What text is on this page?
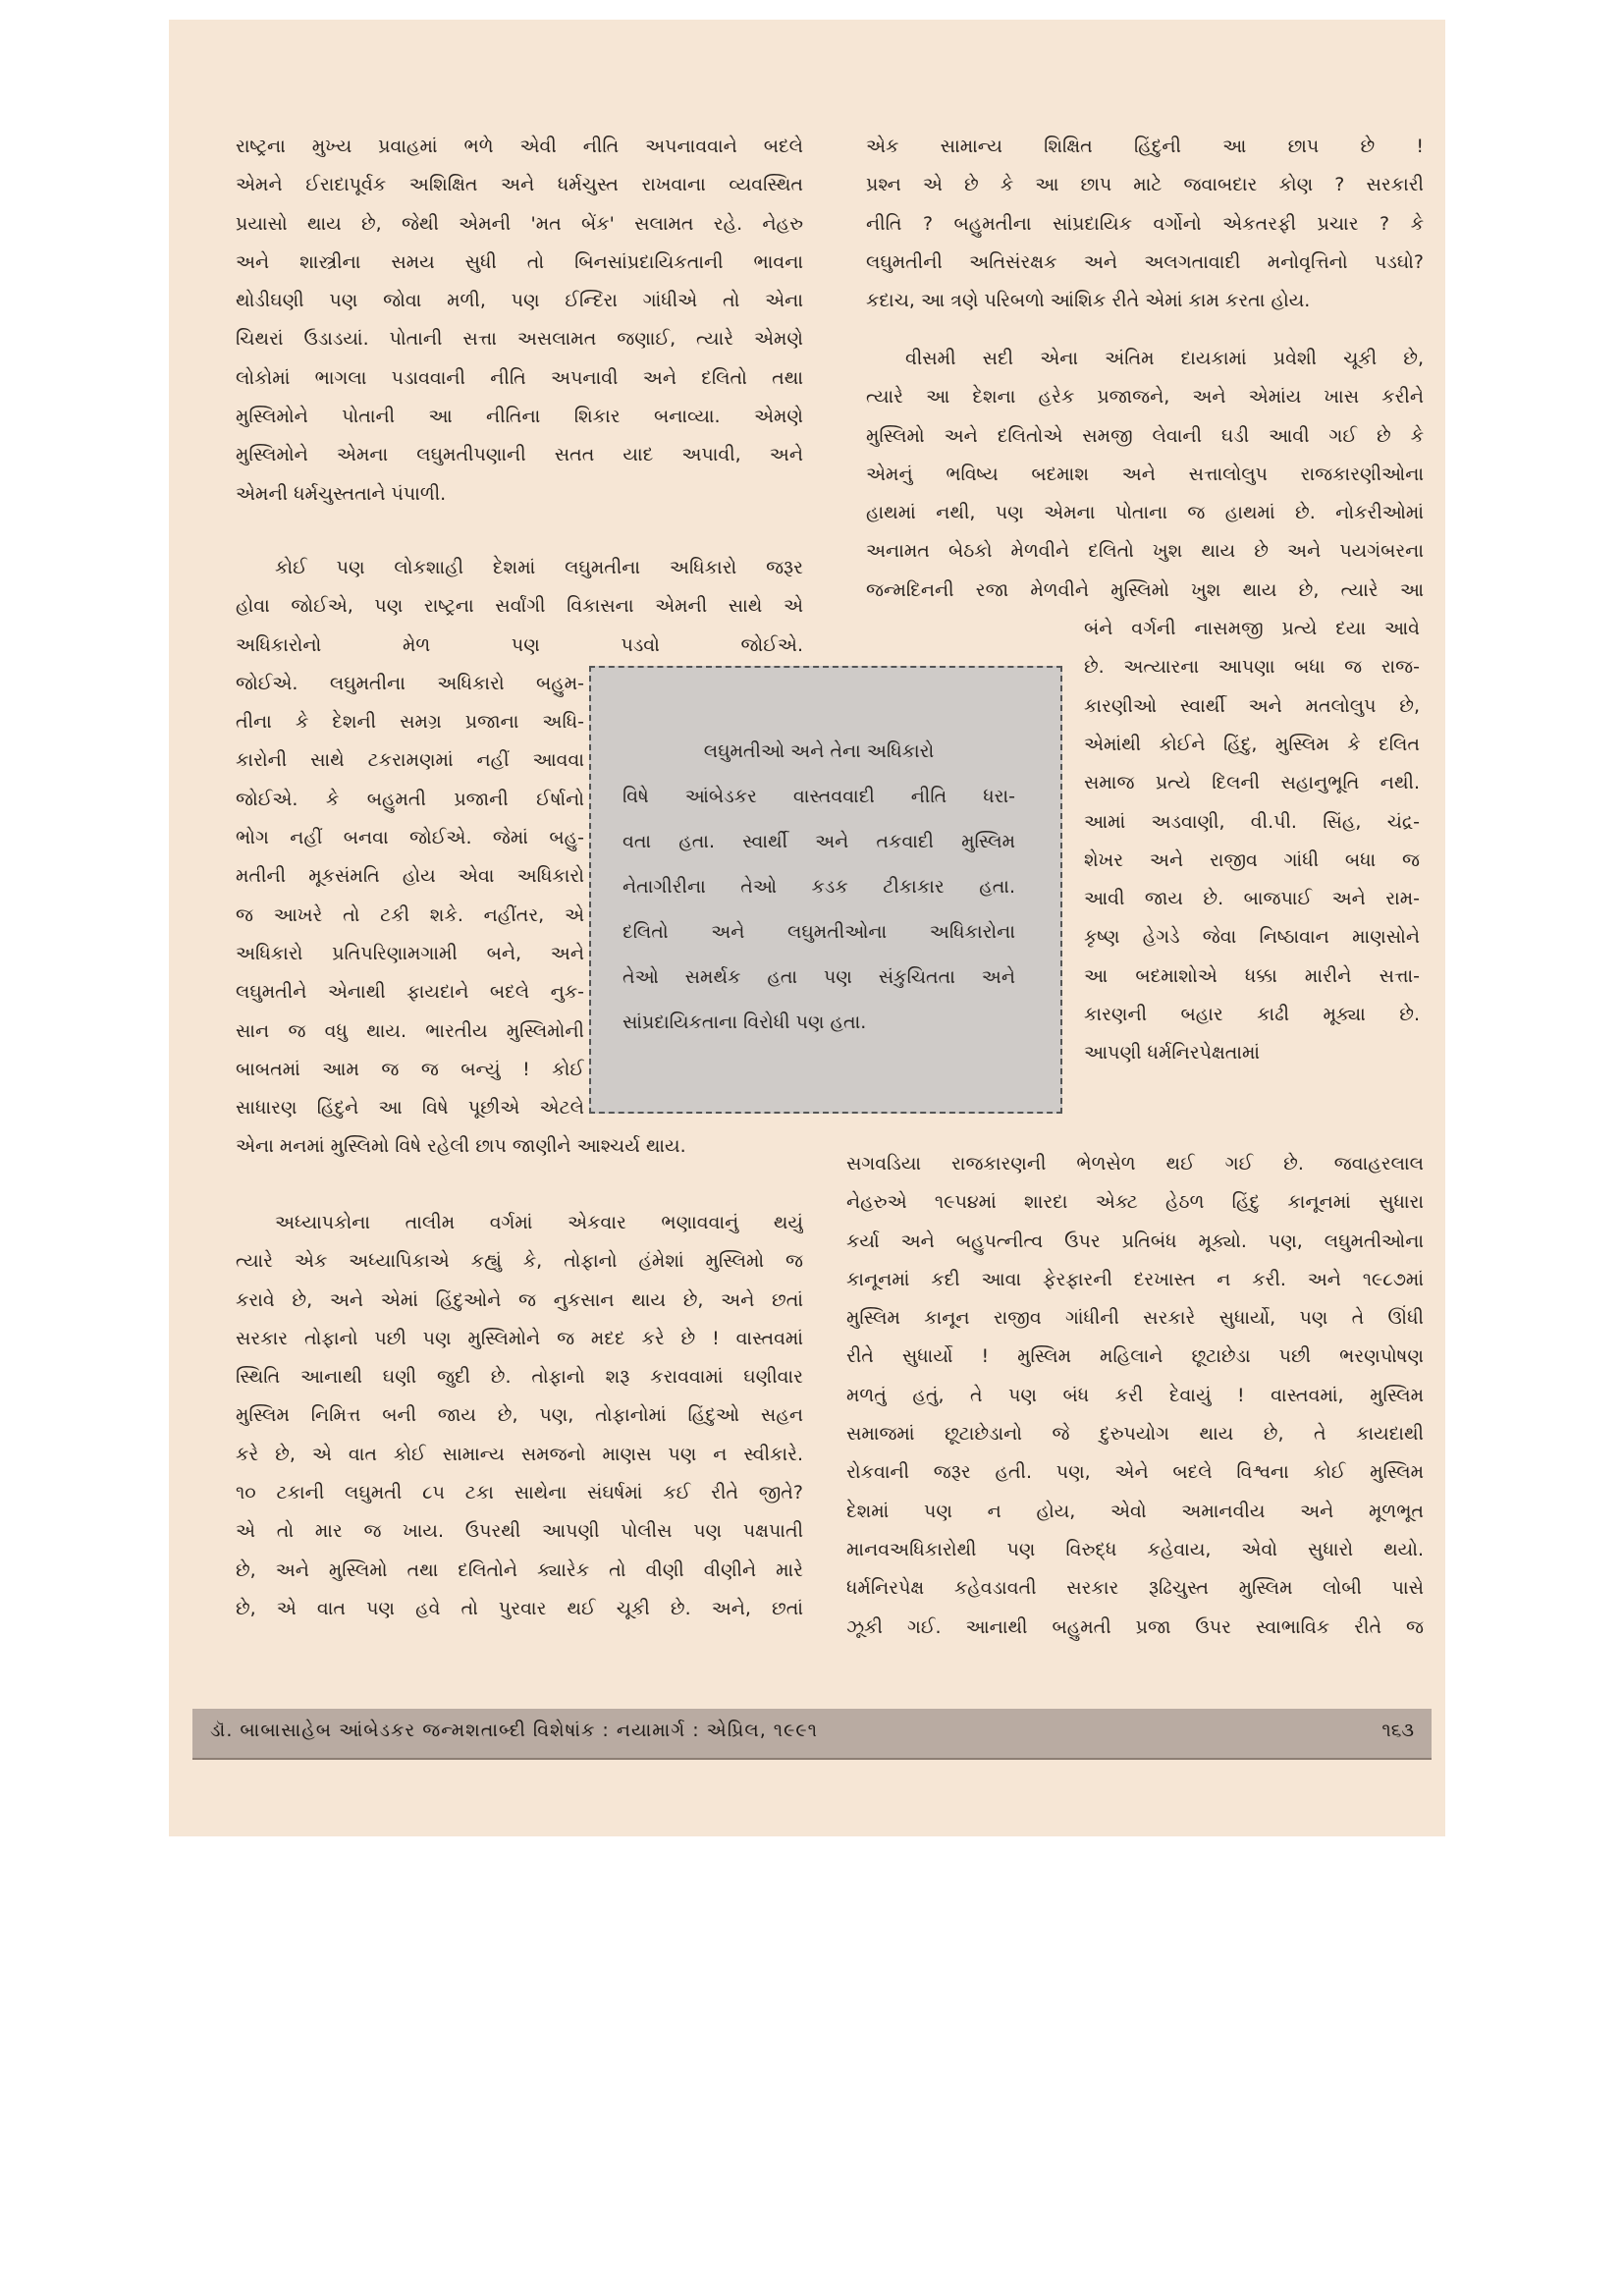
રાષ્ટ્રના મુખ્ય પ્રવાહમાં ભળે એવી નીતિ અપનાવવાને બદલે
એમને ઈરાદાપૂર્વક અશિક્ષિત અને ધર્મચુસ્ત રાખવાના વ્યવસ્થિત
પ્રયાસો થાય છે, જેથી એમની 'મત બેંક' સલામત રહે. નેહરુ
અને શાસ્ત્રીના સમય સુધી તો બિનસાંપ્રદાયિકતાની ભાવના
થોડીઘણી પણ જોવા મળી, પણ ઈન્દિરા ગાંધીએ તો એના
ચિથરાં ઉડાડયાં. પોતાની સત્તા અસલામત જણાઈ, ત્યારે એમણે
લોકોમાં ભાગલા પડાવવાની નીતિ અપનાવી અને દલિતો તથા
મુસ્લિમોને પોતાની આ નીતિના શિકાર બનાવ્યા. એમણે
મુસ્લિમોને એમના લઘુમતીપણાની સતત યાદ અપાવી, અને
એમની ધર્મચુસ્તતાને પંપાળી.
કોઈ પણ લોકશાહી દેશમાં લઘુમતીના અધિકારો જરૂર
હોવા જોઈએ, પણ રાષ્ટ્રના સર્વાંગી વિકાસના એમની સાથે એ
અધિકારોનો મેળ પણ પડવો જોઈએ.
જોઈએ. લઘુમતીના અધિકારો બહુમ-
તીના કે દેશની સમગ્ર પ્રજાના અધિ-
કારોની સાથે ટકરામણમાં નહીં આવવા
જોઈએ. કે બહુમતી પ્રજાની ઈર્ષાનો
ભોગ નહીં બનવા જોઈએ. જેમાં બહુ-
મતીની મૂકસંમતિ હોય એવા અધિકારો
જ આખરે તો ટકી શકે. નહીંતર, એ
અધિકારો પ્રતિપરિણામગામી બને, અને
લઘુમતીને એનાથી ફાયદાને બદલે નુક-
સાન જ વધુ થાય. ભારતીય મુસ્લિમોની
બાબતમાં આમ જ જ બન્યું ! કોઈ
સાધારણ હિંદુને આ વિષે પૂછીએ એટલે
એના મનમાં મુસ્લિમો વિષે રહેલી છાપ જાણીને આશ્ચર્ય થાય.
અધ્યાપકોના તાલીમ વર્ગમાં એકવાર ભણાવવાનું થયું
ત્યારે એક અધ્યાપિકાએ કહ્યું કે, તોફાનો હંમેશાં મુસ્લિમો જ
કરાવે છે, અને એમાં હિંદુઓને જ નુકસાન થાય છે, અને છતાં
સરકાર તોફાનો પછી પણ મુસ્લિમોને જ મદદ કરે છે ! વાસ્તવમાં
સ્થિતિ આનાથી ઘણી જુદી છે. તોફાનો શરૂ કરાવવામાં ઘણીવાર
મુસ્લિમ નિમિત્ત બની જાય છે, પણ, તોફાનોમાં હિંદુઓ સહન
કરે છે, એ વાત કોઈ સામાન્ય સમજનો માણસ પણ ન સ્વીકારે.
૧૦ ટકાની લઘુમતી ૮૫ ટકા સાથેના સંઘર્ષમાં કઈ રીતે જીતે?
એ તો માર જ ખાય. ઉપરથી આપણી પોલીસ પણ પક્ષપાતી
છે, અને મુસ્લિમો તથા દલિતોને ક્યારેક તો વીણી વીણીને મારે
છે, એ વાત પણ હવે તો પુરવાર થઈ ચૂકી છે. અને, છતાં
એક સામાન્ય શિક્ષિત હિંદુની આ છાપ છે !
પ્રશ્ન એ છે કે આ છાપ માટે જવાબદાર કોણ ? સરકારી
નીતિ ? બહુમતીના સાંપ્રદાયિક વર્ગોનો એકતરફી પ્રચાર ? કે
લઘુમતીની અતિસંરક્ષક અને અલગતાવાદી મનોવૃત્તિનો પડઘો?
કદાચ, આ ત્રણે પરિબળો આંશિક રીતે એમાં કામ કરતા હોય.
વીસમી સદી એના અંતિમ દાયકામાં પ્રવેશી ચૂકી છે,
ત્યારે આ દેશના હરેક પ્રજાજને, અને એમાંય ખાસ કરીને
મુસ્લિમો અને દલિતોએ સમજી લેવાની ઘડી આવી ગઈ છે કે
એમનું ભવિષ્ય બદમાશ અને સત્તાલોલુપ રાજકારણીઓના
હાથમાં નથી, પણ એમના પોતાના જ હાથમાં છે. નોકરીઓમાં
અનામત બેઠકો મેળવીને દલિતો ખુશ થાય છે અને પયગંબરના
જન્મદિનની રજા મેળવીને મુસ્લિમો ખુશ થાય છે, ત્યારે આ
બંને વર્ગની નાસમજી પ્રત્યે દયા આવે
છે. અત્યારના આપણા બધા જ રાજ-
કારણીઓ સ્વાર્થી અને મતલોલુપ છે,
એમાંથી કોઈને હિંદુ, મુસ્લિમ કે દલિત
સમાજ પ્રત્યે દિલની સહાનુભૂતિ નથી.
આમાં અડવાણી, વી.પી. સિંહ, ચંદ્ર-
શેખર અને રાજીવ ગાંધી બધા જ
આવી જાય છે. બાજપાઈ અને રામ-
કૃષ્ણ હેગડે જેવા નિષ્ઠાવાન માણસોને
આ બદમાશોએ ધક્કા મારીને સત્તા-
કારણની બહાર કાઢી મૂક્યા છે.
આપણી ધર્મનિરપેક્ષતામાં
સગવડિયા રાજકારણની ભેળસેળ થઈ ગઈ છે. જવાહરલાલ
નેહરુએ ૧૯૫૪માં શારદા એક્ટ હેઠળ હિંદુ કાનૂનમાં સુધારા
કર્યા અને બહુપત્નીત્વ ઉપર પ્રતિબંધ મૂક્યો. પણ, લઘુમતીઓના
કાનૂનમાં કદી આવા ફેરફારની દરખાસ્ત ન કરી. અને ૧૯૮૭માં
મુસ્લિમ કાનૂન રાજીવ ગાંધીની સરકારે સુધાર્યો, પણ તે ઊંધી
રીતે સુધાર્યો ! મુસ્લિમ મહિલાને છૂટાછેડા પછી ભરણપોષણ
મળતું હતું, તે પણ બંધ કરી દેવાયું ! વાસ્તવમાં, મુસ્લિમ
સમાજમાં છૂટાછેડાનો જે દુરુપયોગ થાય છે, તે કાયદાથી
રોકવાની જરૂર હતી. પણ, એને બદલે વિશ્વના કોઈ મુસ્લિમ
દેશમાં પણ ન હોય, એવો અમાનવીય અને મૂળભૂત
માનવઅધિકારોથી પણ વિરુદ્ધ કહેવાય, એવો સુધારો થયો.
ધર્મનિરપેક્ષ કહેવડાવતી સરકાર રૂઢિચુસ્ત મુસ્લિમ લોબી પાસે
ઝૂકી ગઈ. આનાથી બહુમતી પ્રજા ઉપર સ્વાભાવિક રીતે જ
લઘુમતીઓ અને તેના અધિકારો
વિષે આંબેડકર વાસ્તવવાદી નીતિ ધરા-
વતા હતા. સ્વાર્થી અને તકવાદી મુસ્લિમ
નેતાગીરીના તેઓ કડક ટીકાકાર હતા.
દલિતો અને લઘુમતીઓના અધિકારોના
તેઓ સમર્થક હતા પણ સંકુચિતતા અને
સાંપ્રદાયિકતાના વિરોધી પણ હતા.
ડૉ. બાબાસાહેબ આંબેડકર જન્મશતાબ્દી વિશેષાંક : નયામાર્ગ : એપ્રિલ, ૧૯૯૧	૧૬૩
